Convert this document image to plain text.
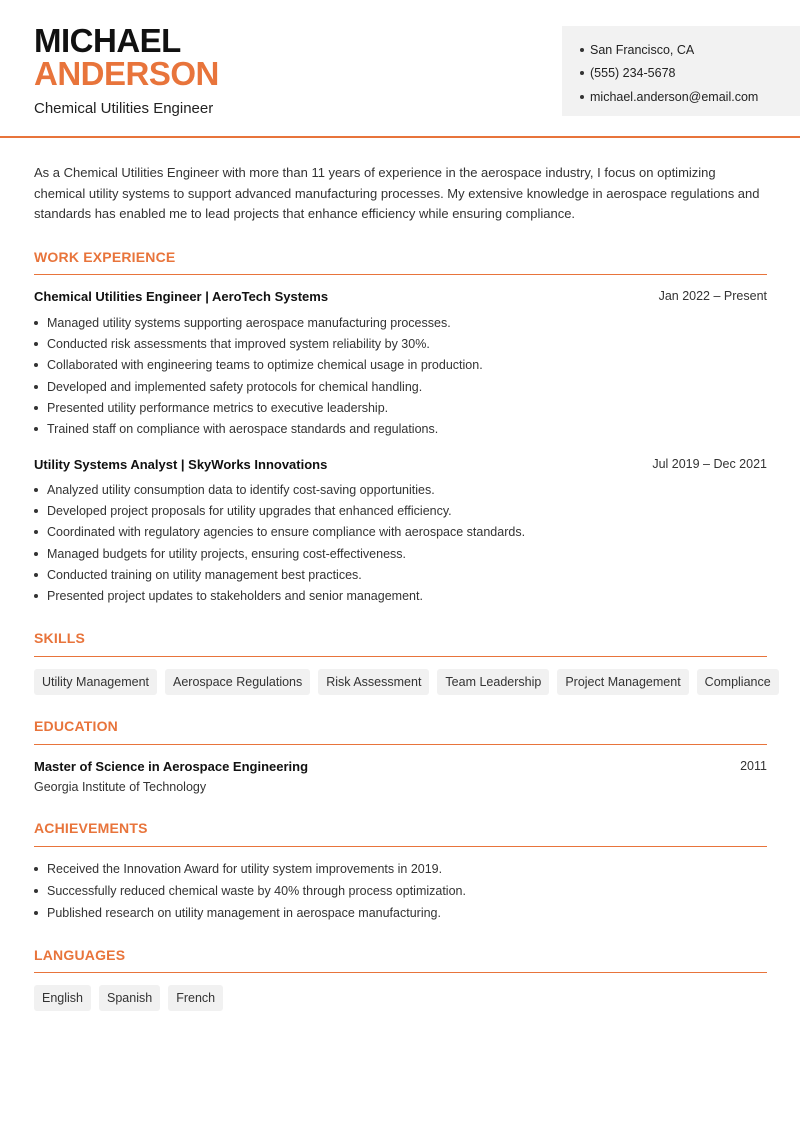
MICHAEL
ANDERSON
Chemical Utilities Engineer
San Francisco, CA
(555) 234-5678
michael.anderson@email.com

As a Chemical Utilities Engineer with more than 11 years of experience in the aerospace industry, I focus on optimizing chemical utility systems to support advanced manufacturing processes. My extensive knowledge in aerospace regulations and standards has enabled me to lead projects that enhance efficiency while ensuring compliance.

WORK EXPERIENCE
Chemical Utilities Engineer | AeroTech Systems	Jan 2022 – Present
Managed utility systems supporting aerospace manufacturing processes.
Conducted risk assessments that improved system reliability by 30%.
Collaborated with engineering teams to optimize chemical usage in production.
Developed and implemented safety protocols for chemical handling.
Presented utility performance metrics to executive leadership.
Trained staff on compliance with aerospace standards and regulations.
Utility Systems Analyst | SkyWorks Innovations	Jul 2019 – Dec 2021
Analyzed utility consumption data to identify cost-saving opportunities.
Developed project proposals for utility upgrades that enhanced efficiency.
Coordinated with regulatory agencies to ensure compliance with aerospace standards.
Managed budgets for utility projects, ensuring cost-effectiveness.
Conducted training on utility management best practices.
Presented project updates to stakeholders and senior management.
SKILLS
Utility Management	Aerospace Regulations	Risk Assessment	Team Leadership	Project Management	Compliance
EDUCATION
Master of Science in Aerospace Engineering	2011
Georgia Institute of Technology
ACHIEVEMENTS
Received the Innovation Award for utility system improvements in 2019.
Successfully reduced chemical waste by 40% through process optimization.
Published research on utility management in aerospace manufacturing.
LANGUAGES
English	Spanish	French
